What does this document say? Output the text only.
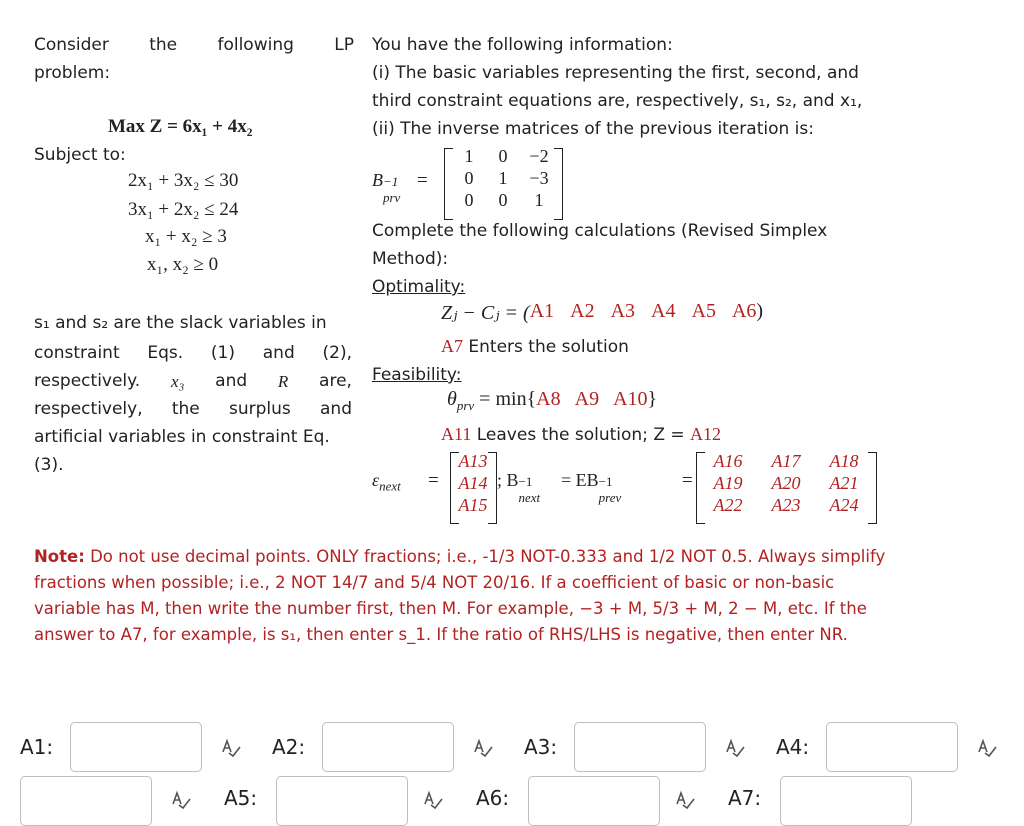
Consider the following LP
problem:
Max Z = 6x₁ + 4x₂
Subject to:
2x₁ + 3x₂ ≤ 30
3x₁ + 2x₂ ≤ 24
x₁ + x₂ ≥ 3
x₁, x₂ ≥ 0
s₁ and s₂ are the slack variables in
constraint Eqs. (1) and (2),
respectively. x₃ and R are,
respectively, the surplus and
artificial variables in constraint Eq.
(3).
You have the following information:
(i) The basic variables representing the first, second, and
third constraint equations are, respectively, s₁, s₂, and x₁,
(ii) The inverse matrices of the previous iteration is:
B −1
prv
=
1	0	−2
0	1	−3
0	0	1
Complete the following calculations (Revised Simplex
Method):
Optimality:
Zⱼ − Cⱼ = ( A1 A2 A3 A4 A5 A6 )
A7 Enters the solution
Feasibility:
$\theta_{prv} = \min\{A8$ A9 A10}
A11 Leaves the solution; Z = A12
$\varepsilon_{next}$ =
A13
A14
A15
; B −1
next
= EB −1
prev
=
A16	A17	A18
A19	A20	A21
A22	A23	A24
Note: Do not use decimal points. ONLY fractions; i.e., -1/3 NOT-0.333 and 1/2 NOT 0.5. Always simplify
fractions when possible; i.e., 2 NOT 14/7 and 5/4 NOT 20/16. If a coefficient of basic or non-basic
variable has M, then write the number first, then M. For example, −3 + M, 5/3 + M, 2 − M, etc. If the
answer to A7, for example, is s₁, then enter s_1. If the ratio of RHS/LHS is negative, then enter NR.
A1:	A2:	A3:	A4:
A5:	A6:	A7:
